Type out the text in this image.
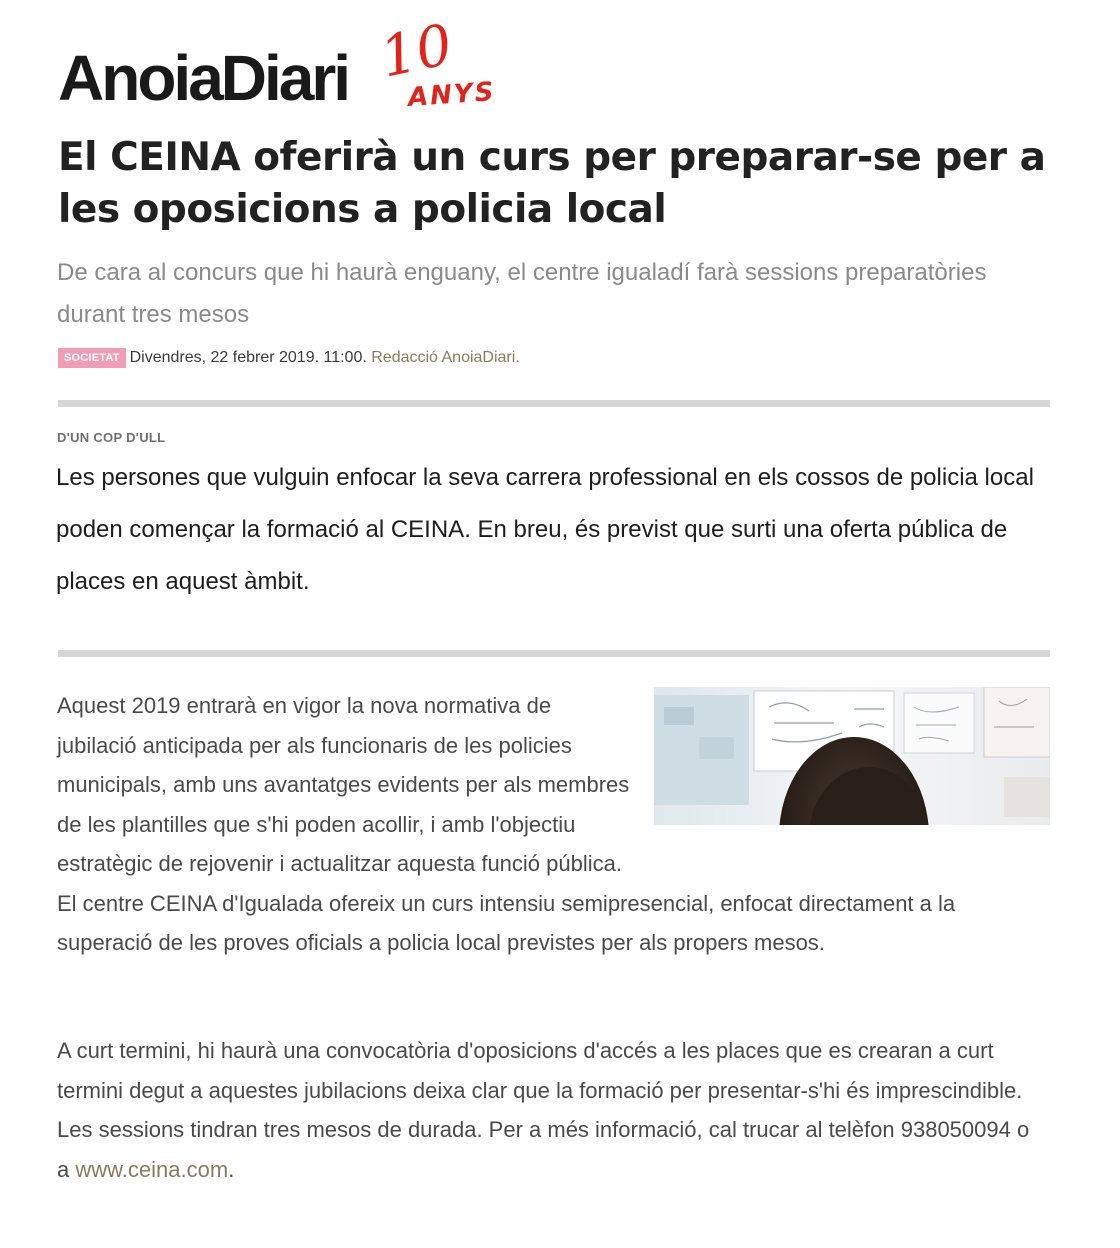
AnoiaDiari 10
ANYS
El CEINA oferirà un curs per preparar-se per a les oposicions a policia local

De cara al concurs que hi haurà enguany, el centre igualadí farà sessions preparatòries durant tres mesos

SOCIETAT Divendres, 22 febrer 2019. 11:00.
Redacció AnoiaDiari.
D'UN COP D'ULL

Les persones que vulguin enfocar la seva carrera professional en els cossos de policia local poden començar la formació al CEINA. En breu, és previst que surti una oferta pública de places en aquest àmbit.

Aquest 2019 entrarà en vigor la nova normativa de jubilació anticipada per als funcionaris de les policies municipals, amb uns avantatges evidents per als membres de les plantilles que s'hi poden acollir, i amb l'objectiu estratègic de rejovenir i actualitzar aquesta funció pública. El centre CEINA d'Igualada ofereix un curs intensiu semipresencial, enfocat directament a la superació de les proves oficials a policia local previstes per als propers mesos.

A curt termini, hi haurà una convocatòria d'oposicions d'accés a les places que es crearan a curt termini degut a aquestes jubilacions deixa clar que la formació per presentar-s'hi és imprescindible. Les sessions tindran tres mesos de durada. Per a més informació, cal trucar al telèfon 938050094 o a www.ceina.com.
